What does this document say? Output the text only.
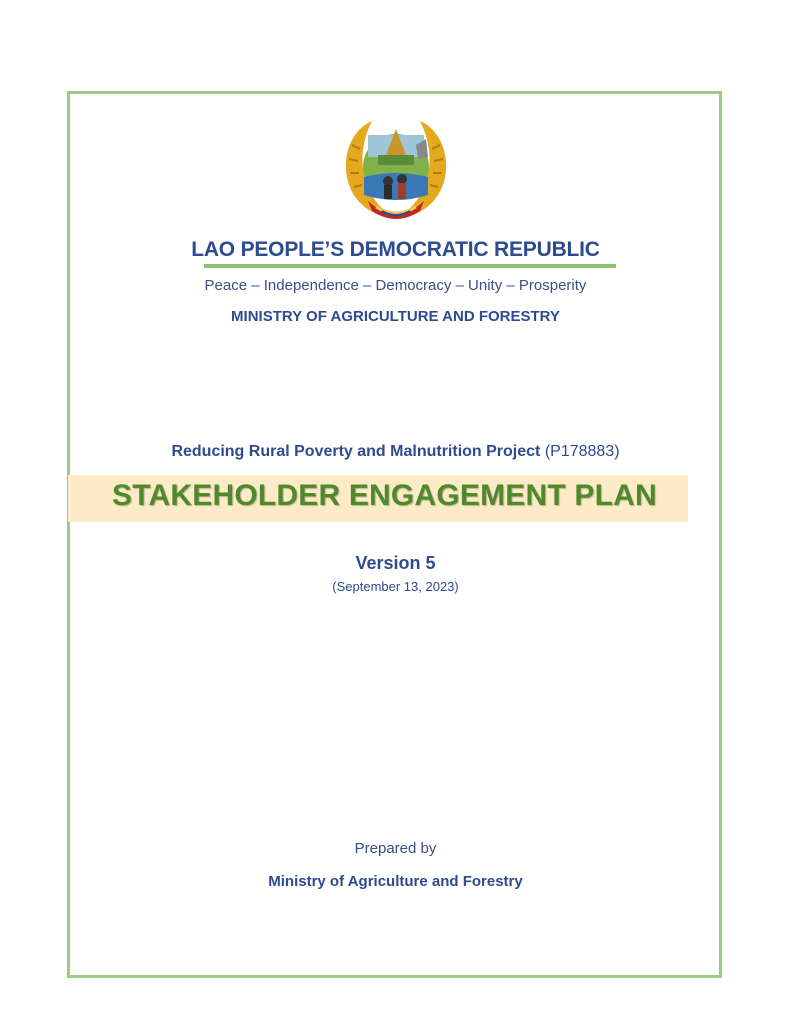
LAO PEOPLE’S DEMOCRATIC REPUBLIC
Peace – Independence – Democracy – Unity – Prosperity
MINISTRY OF AGRICULTURE AND FORESTRY
Reducing Rural Poverty and Malnutrition Project (P178883)
STAKEHOLDER ENGAGEMENT PLAN
Version 5
(September 13, 2023)
Prepared by
Ministry of Agriculture and Forestry
